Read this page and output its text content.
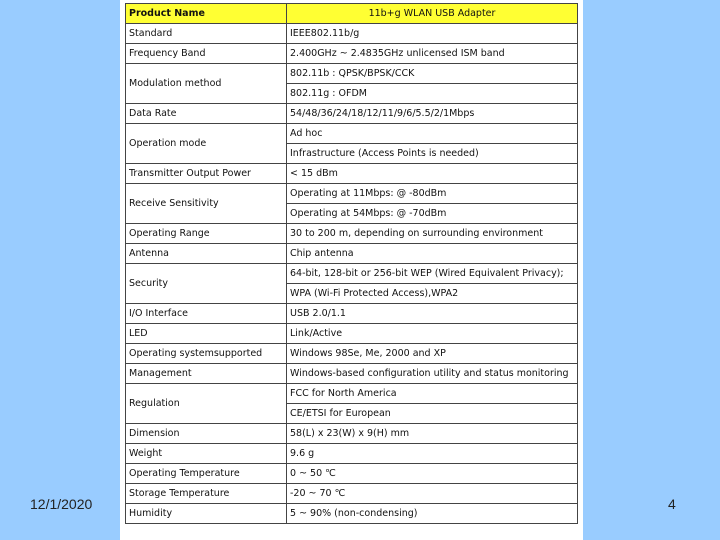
Product Name	11b+g WLAN USB Adapter
Standard	IEEE802.11b/g
Frequency Band	2.400GHz ~ 2.4835GHz unlicensed ISM band
Modulation method	802.11b : QPSK/BPSK/CCK
	802.11g : OFDM
Data Rate	54/48/36/24/18/12/11/9/6/5.5/2/1Mbps
Operation mode	Ad hoc
	Infrastructure (Access Points is needed)
Transmitter Output Power	< 15 dBm
Receive Sensitivity	Operating at 11Mbps: @ -80dBm
	Operating at 54Mbps: @ -70dBm
Operating Range	30 to 200 m, depending on surrounding environment
Antenna	Chip antenna
Security	64-bit, 128-bit or 256-bit WEP (Wired Equivalent Privacy);
	WPA (Wi-Fi Protected Access),WPA2
I/O Interface	USB 2.0/1.1
LED	Link/Active
Operating systemsupported	Windows 98Se, Me, 2000 and XP
Management	Windows-based configuration utility and status monitoring
Regulation	FCC for North America
	CE/ETSI for European
Dimension	58(L) x 23(W) x 9(H) mm
Weight	9.6 g
Operating Temperature	0 ~ 50 ℃
Storage Temperature	-20 ~ 70 ℃
Humidity	5 ~ 90% (non-condensing)
12/1/2020	4
